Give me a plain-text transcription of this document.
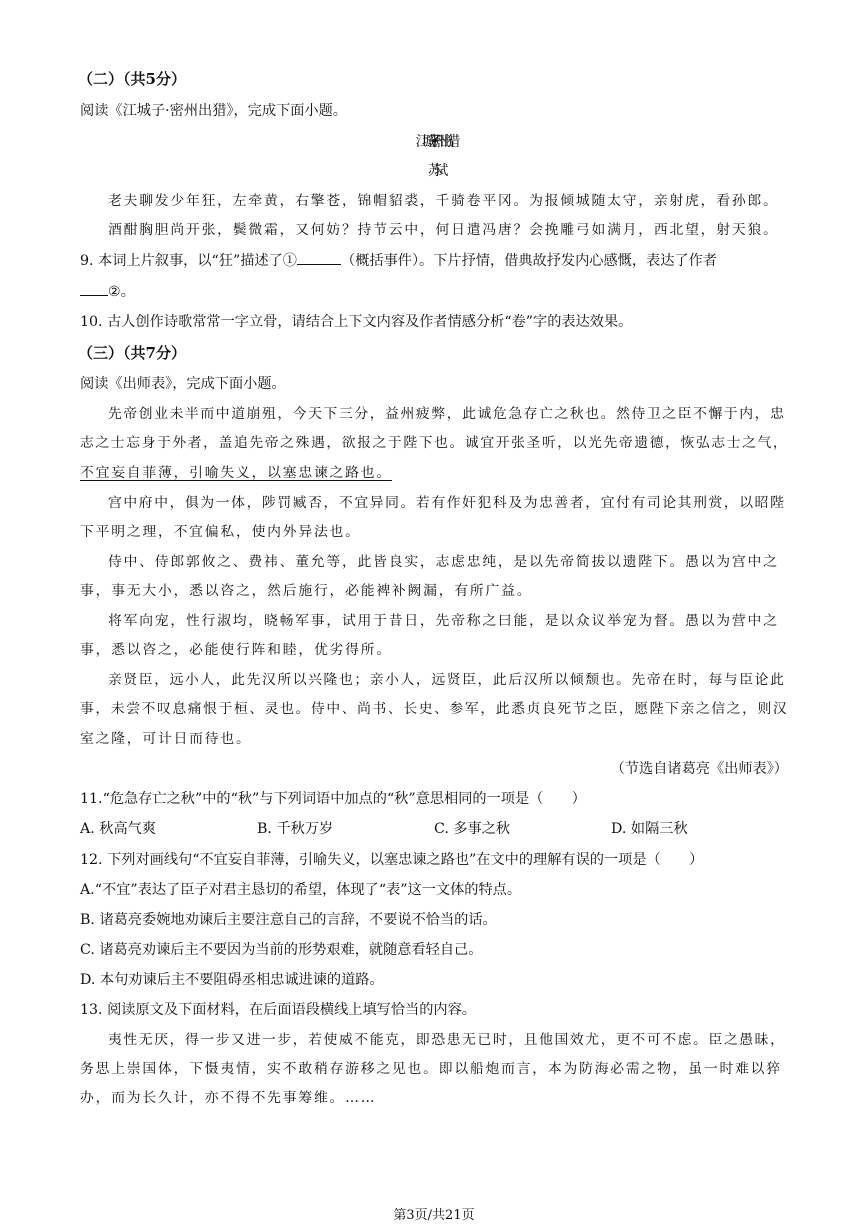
（二）（共5分）
阅读《江城子·密州出猎》，完成下面小题。
江城子 • 密州出猎
苏轼
老夫聊发少年狂，左牵黄，右擎苍，锦帽貂裘，千骑卷平冈。为报倾城随太守，亲射虎，看孙郎。
酒酣胸胆尚开张，鬓微霜，又何妨？持节云中，何日遣冯唐？会挽雕弓如满月，西北望，射天狼。
9. 本词上片叙事，以“狂”描述了①	（概括事件）。下片抒情，借典故抒发内心感慨，表达了作者
②。
10. 古人创作诗歌常常一字立骨，请结合上下文内容及作者情感分析“卷”字的表达效果。
（三）（共7分）
阅读《出师表》，完成下面小题。
先帝创业未半而中道崩殂，今天下三分，益州疲弊，此诚危急存亡之秋也。然侍卫之臣不懈于内，忠
志之士忘身于外者，盖追先帝之殊遇，欲报之于陛下也。诚宜开张圣听，以光先帝遗德，恢弘志士之气，
不宜妄自菲薄，引喻失义，以塞忠谏之路也。
宫中府中，俱为一体，陟罚臧否，不宜异同。若有作奸犯科及为忠善者，宜付有司论其刑赏，以昭陛
下平明之理，不宜偏私，使内外异法也。
侍中、侍郎郭攸之、费祎、董允等，此皆良实，志虑忠纯，是以先帝简拔以遗陛下。愚以为宫中之
事，事无大小，悉以咨之，然后施行，必能裨补阙漏，有所广益。
将军向宠，性行淑均，晓畅军事，试用于昔日，先帝称之曰能，是以众议举宠为督。愚以为营中之
事，悉以咨之，必能使行阵和睦，优劣得所。
亲贤臣，远小人，此先汉所以兴隆也；亲小人，远贤臣，此后汉所以倾颓也。先帝在时，每与臣论此
事，未尝不叹息痛恨于桓、灵也。侍中、尚书、长史、参军，此悉贞良死节之臣，愿陛下亲之信之，则汉
室之隆，可计日而待也。
（节选自诸葛亮《出师表》）
11.“危急存亡之秋”中的“秋”与下列词语中加点的“秋”意思相同的一项是（　　）
A. 秋高气爽	B. 千秋万岁	C. 多事之秋	D. 如隔三秋
12. 下列对画线句“不宜妄自菲薄，引喻失义，以塞忠谏之路也”在文中的理解有误的一项是（　　）
A.“不宜”表达了臣子对君主恳切的希望，体现了“表”这一文体的特点。
B. 诸葛亮委婉地劝谏后主要注意自己的言辞，不要说不恰当的话。
C. 诸葛亮劝谏后主不要因为当前的形势艰难，就随意看轻自己。
D. 本句劝谏后主不要阻碍丞相忠诚进谏的道路。
13. 阅读原文及下面材料，在后面语段横线上填写恰当的内容。
夷性无厌，得一步又进一步，若使威不能克，即恐患无已时，且他国效尤，更不可不虑。臣之愚昧，
务思上崇国体，下慑夷情，实不敢稍存游移之见也。即以船炮而言，本为防海必需之物，虽一时难以猝
办，而为长久计，亦不得不先事筹维。……
第3页/共21页
